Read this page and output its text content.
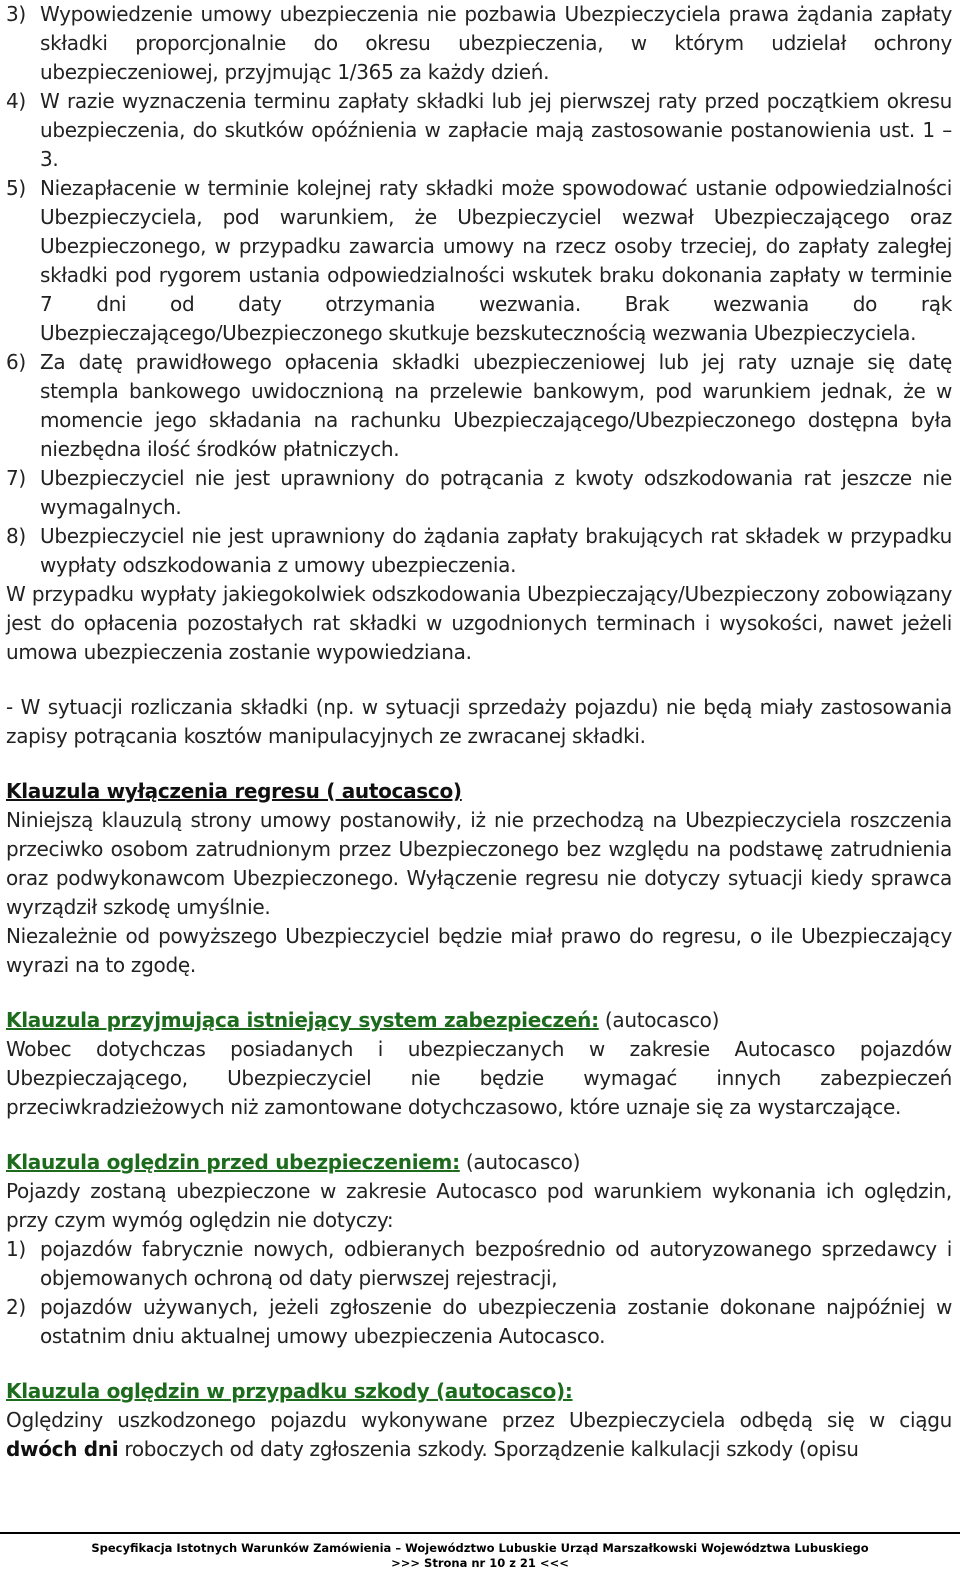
3) Wypowiedzenie umowy ubezpieczenia nie pozbawia Ubezpieczyciela prawa żądania zapłaty składki proporcjonalnie do okresu ubezpieczenia, w którym udzielał ochrony ubezpieczeniowej, przyjmując 1/365 za każdy dzień.

4) W razie wyznaczenia terminu zapłaty składki lub jej pierwszej raty przed początkiem okresu ubezpieczenia, do skutków opóźnienia w zapłacie mają zastosowanie postanowienia ust. 1 – 3.

5) Niezapłacenie w terminie kolejnej raty składki może spowodować ustanie odpowiedzialności Ubezpieczyciela, pod warunkiem, że Ubezpieczyciel wezwał Ubezpieczającego oraz Ubezpieczonego, w przypadku zawarcia umowy na rzecz osoby trzeciej, do zapłaty zaległej składki pod rygorem ustania odpowiedzialności wskutek braku dokonania zapłaty w terminie 7 dni od daty otrzymania wezwania. Brak wezwania do rąk Ubezpieczającego/Ubezpieczonego skutkuje bezskutecznością wezwania Ubezpieczyciela.

6) Za datę prawidłowego opłacenia składki ubezpieczeniowej lub jej raty uznaje się datę stempla bankowego uwidocznioną na przelewie bankowym, pod warunkiem jednak, że w momencie jego składania na rachunku Ubezpieczającego/Ubezpieczonego dostępna była niezbędna ilość środków płatniczych.

7) Ubezpieczyciel nie jest uprawniony do potrącania z kwoty odszkodowania rat jeszcze nie wymagalnych.

8) Ubezpieczyciel nie jest uprawniony do żądania zapłaty brakujących rat składek w przypadku wypłaty odszkodowania z umowy ubezpieczenia.

W przypadku wypłaty jakiegokolwiek odszkodowania Ubezpieczający/Ubezpieczony zobowiązany jest do opłacenia pozostałych rat składki w uzgodnionych terminach i wysokości, nawet jeżeli umowa ubezpieczenia zostanie wypowiedziana.

- W sytuacji rozliczania składki (np. w sytuacji sprzedaży pojazdu) nie będą miały zastosowania zapisy potrącania kosztów manipulacyjnych ze zwracanej składki.

Klauzula wyłączenia regresu ( autocasco)

Niniejszą klauzulą strony umowy postanowiły, iż nie przechodzą na Ubezpieczyciela roszczenia przeciwko osobom zatrudnionym przez Ubezpieczonego bez względu na podstawę zatrudnienia oraz podwykonawcom Ubezpieczonego. Wyłączenie regresu nie dotyczy sytuacji kiedy sprawca wyrządził szkodę umyślnie.

Niezależnie od powyższego Ubezpieczyciel będzie miał prawo do regresu, o ile Ubezpieczający wyrazi na to zgodę.

Klauzula przyjmująca istniejący system zabezpieczeń: (autocasco)

Wobec dotychczas posiadanych i ubezpieczanych w zakresie Autocasco pojazdów Ubezpieczającego, Ubezpieczyciel nie będzie wymagać innych zabezpieczeń przeciwkradzieżowych niż zamontowane dotychczasowo, które uznaje się za wystarczające.

Klauzula oględzin przed ubezpieczeniem: (autocasco)

Pojazdy zostaną ubezpieczone w zakresie Autocasco pod warunkiem wykonania ich oględzin, przy czym wymóg oględzin nie dotyczy:

1) pojazdów fabrycznie nowych, odbieranych bezpośrednio od autoryzowanego sprzedawcy i objemowanych ochroną od daty pierwszej rejestracji,

2) pojazdów używanych, jeżeli zgłoszenie do ubezpieczenia zostanie dokonane najpóźniej w ostatnim dniu aktualnej umowy ubezpieczenia Autocasco.

Klauzula oględzin w przypadku szkody (autocasco):

Oględziny uszkodzonego pojazdu wykonywane przez Ubezpieczyciela odbędą się w ciągu dwóch dni roboczych od daty zgłoszenia szkody. Sporządzenie kalkulacji szkody (opisu

Specyfikacja Istotnych Warunków Zamówienia – Województwo Lubuskie Urząd Marszałkowski Województwa Lubuskiego
>>> Strona nr 10 z 21 <<<
